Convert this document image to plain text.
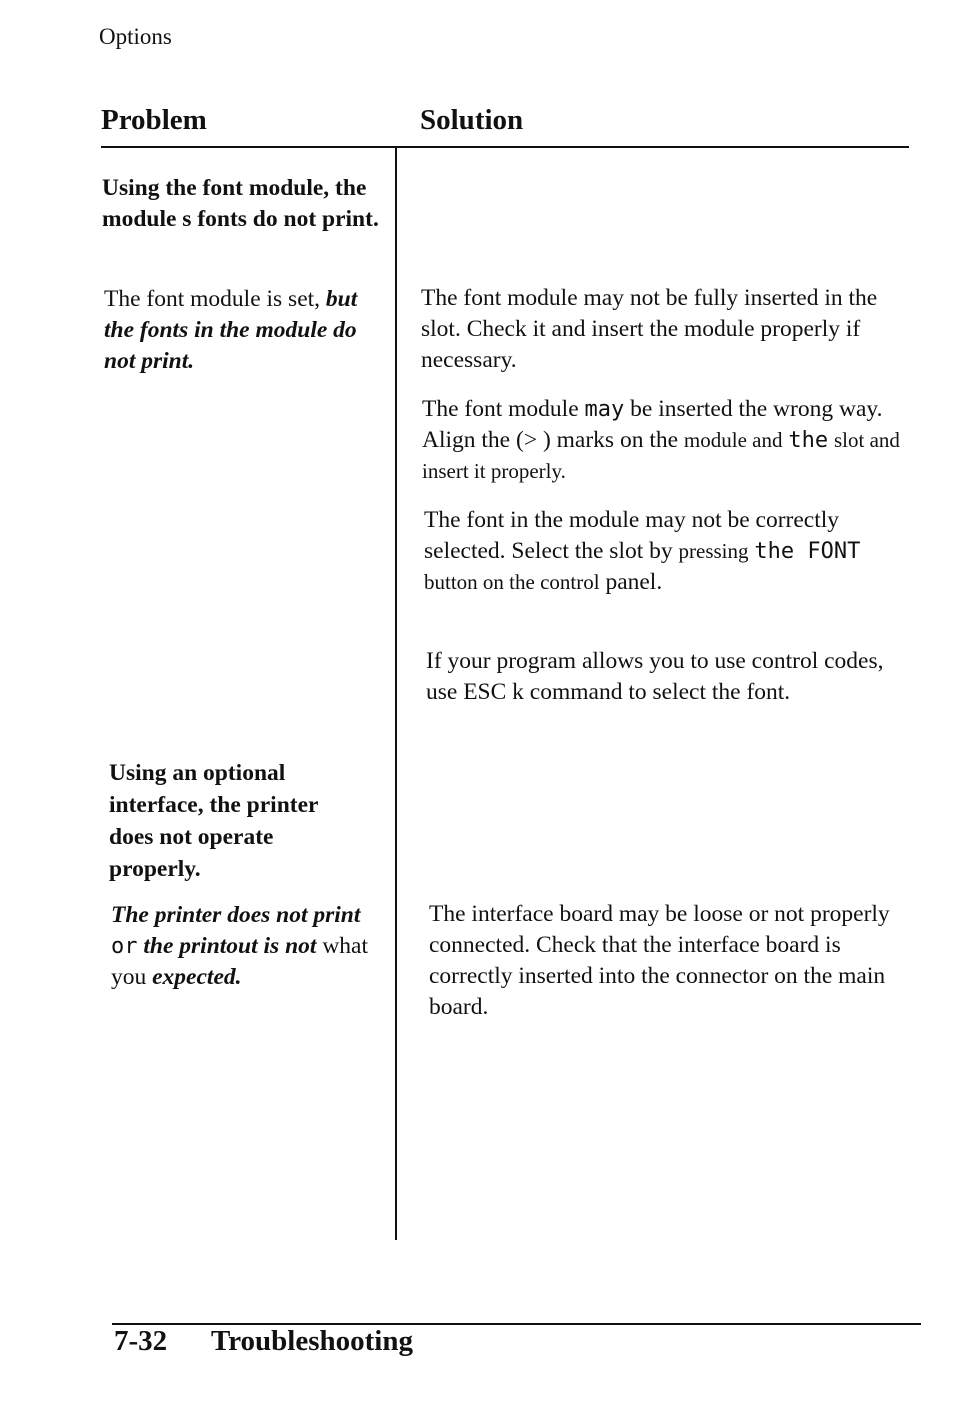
Options
Problem	Solution
Using the font module, the module s fonts do not print.
The font module is set, but the fonts in the module do not print.
The font module may not be fully inserted in the slot. Check it and insert the module properly if necessary.
The font module may be inserted the wrong way. Align the (> ) marks on the module and the slot and insert it properly.
The font in the module may not be correctly selected. Select the slot by pressing the FONT button on the control panel.
If your program allows you to use control codes, use ESC k command to select the font.
Using an optional interface, the printer does not operate properly.
The printer does not print or the printout is not what you expected.
The interface board may be loose or not properly connected. Check that the interface board is correctly inserted into the connector on the main board.
7-32 Troubleshooting
